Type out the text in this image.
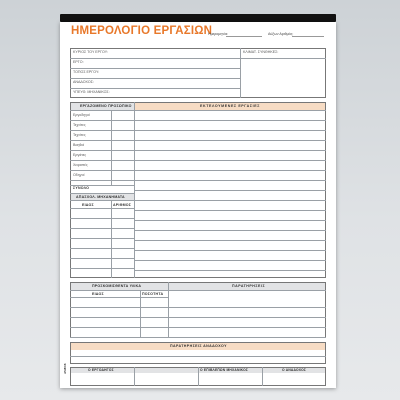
ΗΜΕΡΟΛΟΓΙΟ ΕΡΓΑΣΙΩΝ
Ημερομηνία:	Αύξων Αριθμός:
ΚΥΡΙΟΣ ΤΟΥ ΕΡΓΟΥ:
ΕΡΓΟ:
ΤΟΠΟΣ ΕΡΓΟΥ:
ΑΝΑΔΟΧΟΣ:
ΥΠΕΥΘ. ΜΗΧΑΝΙΚΟΣ:
ΚΛΙΜΑΤ. ΣΥΝΘΗΚΕΣ:
ΕΡΓΑΖΟΜΕΝΟ ΠΡΟΣΩΠΙΚΟ	ΕΚΤΕΛΟΥΜΕΝΕΣ ΕΡΓΑΣΙΕΣ
Εργοδηγοί
Τεχνίτες
Τεχνίτες
Βοηθοί
Εργάτες
Χειριστές
Οδηγοί
ΣΥΝΟΛΟ
ΑΠΑΣΧΟΛ. ΜΗΧΑΝΗΜΑΤΑ
ΕΙΔΟΣ	ΑΡΙΘΜΟΣ
ΠΡΟΣΚΟΜΙΣΘΕΝΤΑ ΥΛΙΚΑ	ΠΑΡΑΤΗΡΗΣΕΙΣ
ΕΙΔΟΣ	ΠΟΣΟΤΗΤΑ
ΠΑΡΑΤΗΡΗΣΕΙΣ ΑΝΑΔΟΧΟΥ
Ο ΕΡΓΟΔΗΓΟΣ	Ο ΕΠΙΒΛΕΠΩΝ ΜΗΧΑΝΙΚΟΣ	Ο ΑΝΑΔΟΧΟΣ
A5/80/6
